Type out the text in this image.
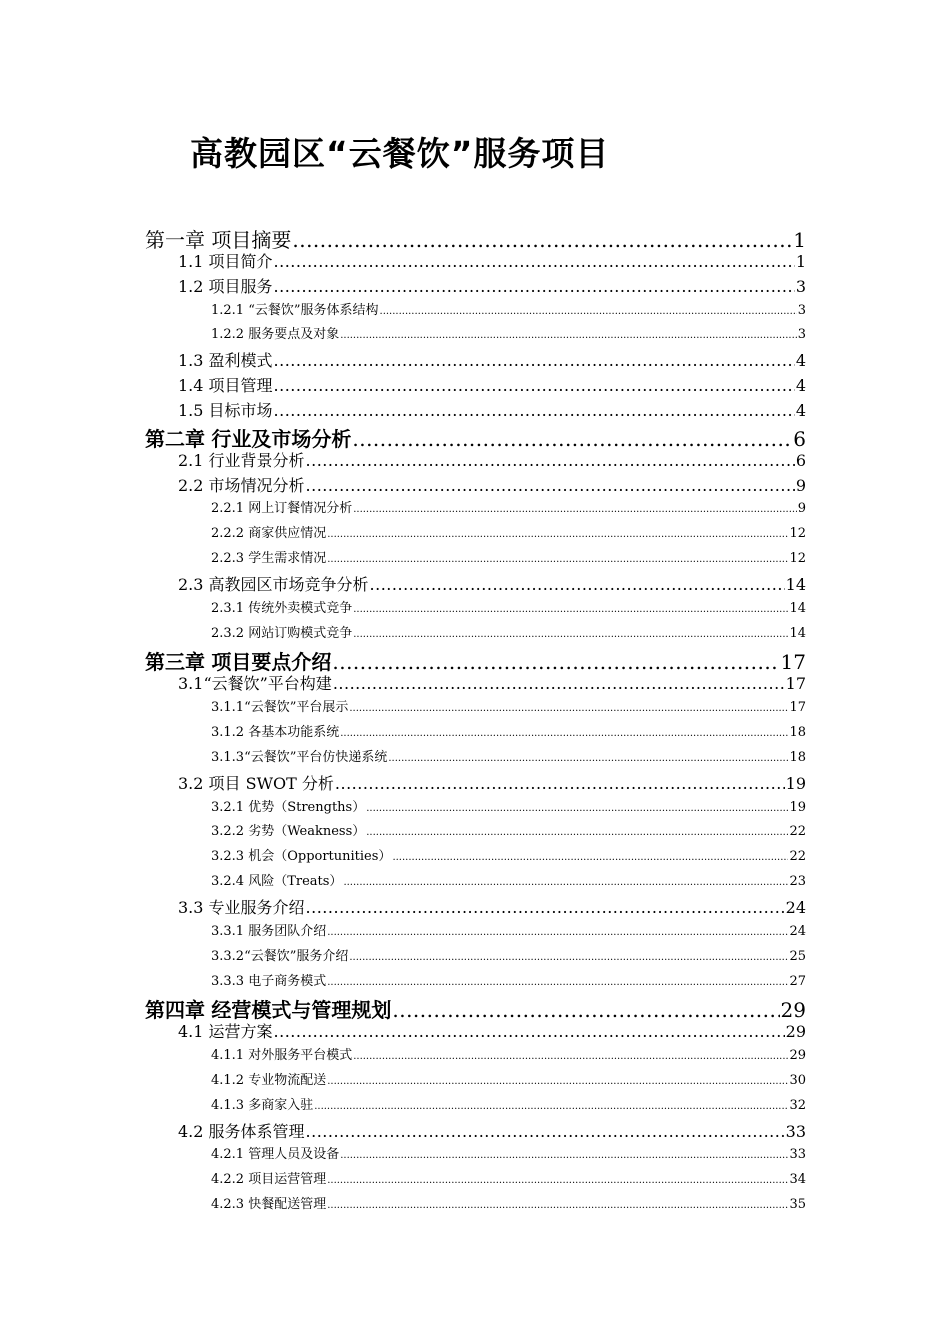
高教园区“云餐饮”服务项目
第一章 项目摘要 .....	1
1.1 项目简介 .....	1
1.2 项目服务 .....	3
1.2.1 “云餐饮”服务体系结构 .....	3
1.2.2 服务要点及对象 .....	3
1.3 盈利模式 .....	4
1.4 项目管理 .....	4
1.5 目标市场 .....	4
第二章 行业及市场分析 .....	6
2.1 行业背景分析 .....	6
2.2 市场情况分析 .....	9
2.2.1 网上订餐情况分析 .....	9
2.2.2 商家供应情况 .....	12
2.2.3 学生需求情况 .....	12
2.3 高教园区市场竞争分析 .....	14
2.3.1 传统外卖模式竞争 .....	14
2.3.2 网站订购模式竞争 .....	14
第三章 项目要点介绍 .....	17
3.1“云餐饮”平台构建 .....	17
3.1.1“云餐饮”平台展示 .....	17
3.1.2 各基本功能系统 .....	18
3.1.3“云餐饮”平台仿快递系统 .....	18
3.2 项目 SWOT 分析 .....	19
3.2.1 优势（Strengths） .....	19
3.2.2 劣势（Weakness） .....	22
3.2.3 机会（Opportunities） .....	22
3.2.4 风险（Treats） .....	23
3.3 专业服务介绍 .....	24
3.3.1 服务团队介绍 .....	24
3.3.2“云餐饮”服务介绍 .....	25
3.3.3 电子商务模式 .....	27
第四章 经营模式与管理规划 .....	29
4.1 运营方案 .....	29
4.1.1 对外服务平台模式 .....	29
4.1.2 专业物流配送 .....	30
4.1.3 多商家入驻 .....	32
4.2 服务体系管理 .....	33
4.2.1 管理人员及设备 .....	33
4.2.2 项目运营管理 .....	34
4.2.3 快餐配送管理 .....	35
